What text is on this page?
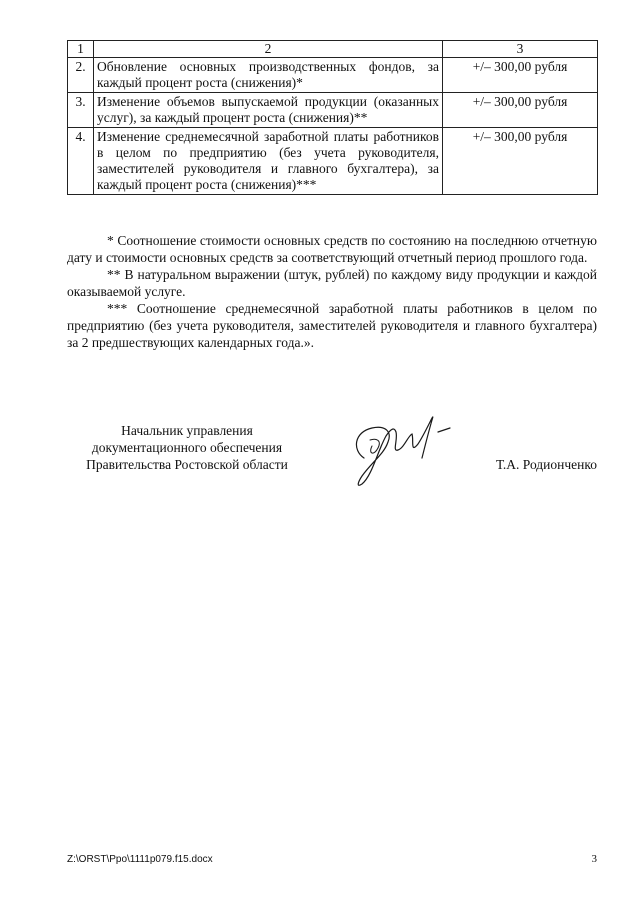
1	2	3
2.	Обновление основных производственных фондов, за каждый процент роста (снижения)*	+/– 300,00 рубля
3.	Изменение объемов выпускаемой продукции (оказанных услуг), за каждый процент роста (снижения)**	+/– 300,00 рубля
4.	Изменение среднемесячной заработной платы работников в целом по предприятию (без учета руководителя, заместителей руководителя и главного бухгалтера), за каждый процент роста (снижения)***	+/– 300,00 рубля

* Соотношение стоимости основных средств по состоянию на последнюю отчетную дату и стоимости основных средств за соответствующий отчетный период прошлого года.

** В натуральном выражении (штук, рублей) по каждому виду продукции и каждой оказываемой услуге.

*** Соотношение среднемесячной заработной платы работников в целом по предприятию (без учета руководителя, заместителей руководителя и главного бухгалтера) за 2 предшествующих календарных года.».

Начальник управления
документационного обеспечения
Правительства Ростовской области	Т.А. Родионченко
Z:\ORST\Ppo\1111p079.f15.docx	3
